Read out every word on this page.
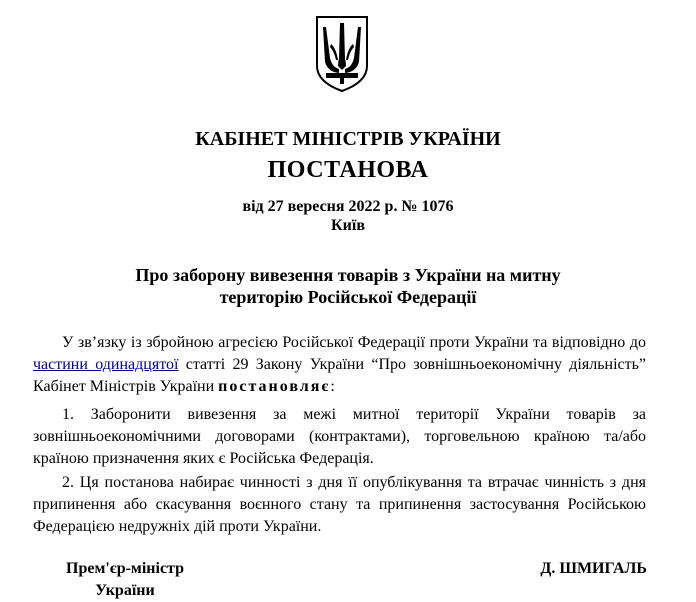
КАБІНЕТ МІНІСТРІВ УКРАЇНИ
ПОСТАНОВА
від 27 вересня 2022 р. № 1076
Київ
Про заборону вивезення товарів з України на митну
територію Російської Федерації

У зв’язку із збройною агресією Російської Федерації проти України та відповідно до частини одинадцятої статті 29 Закону України “Про зовнішньоекономічну діяльність” Кабінет Міністрів України постановляє:

1. Заборонити вивезення за межі митної території України товарів за зовнішньоекономічними договорами (контрактами), торговельною країною та/або країною призначення яких є Російська Федерація.

2. Ця постанова набирає чинності з дня її опублікування та втрачає чинність з дня припинення або скасування воєнного стану та припинення застосування Російською Федерацією недружніх дій проти України.

Прем'єр-міністр
України
Д. ШМИГАЛЬ
